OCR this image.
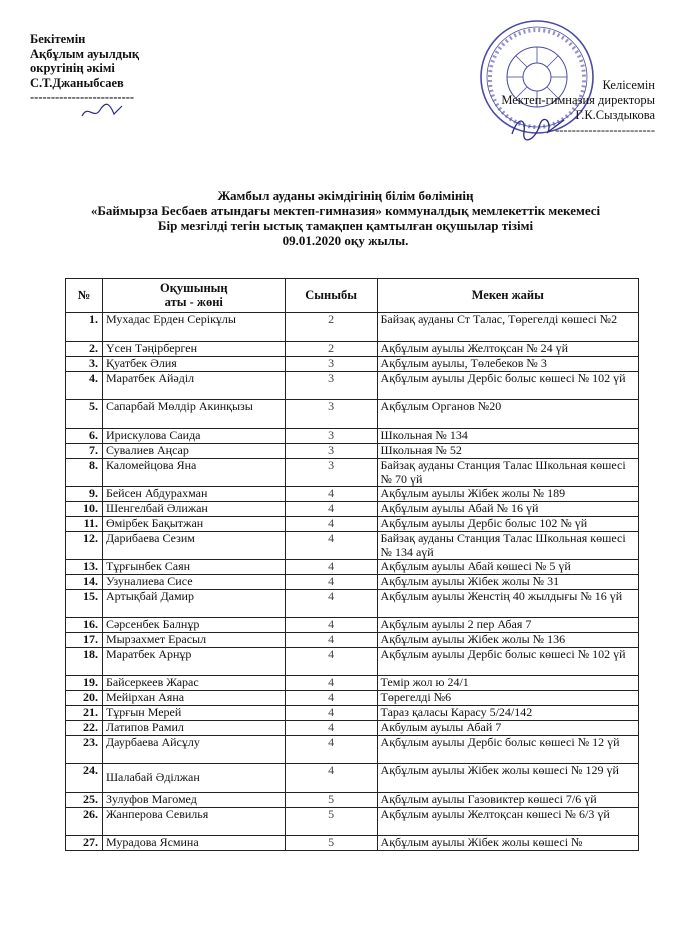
Бекітемін
Ақбұлым ауылдық
округінің әкімі
С.Т.Джаныбсаев
-------------------------
Келісемін
Мектеп-гимназия директоры
Г.К.Сыздыкова
------------------------
Жамбыл ауданы әкімдігінің білім бөлімінің
«Баймырза Бесбаев атындағы мектеп-гимназия» коммуналдық мемлекеттік мекемесі
Бір мезгілді тегін ыстық тамақпен қамтылған оқушылар тізімі
09.01.2020 оқу жылы.
№	Оқушының
аты - жөні	Сыныбы	Мекен жайы
1.	Мухадас Ерден Серікұлы	2	Байзақ ауданы Ст Талас, Төрегелді көшесі №2
2.	Үсен Тәңірберген	2	Ақбұлым ауылы Желтоқсан № 24 үй
3.	Қуатбек Әлия	3	Ақбұлым ауылы, Төлебеков № 3
4.	Маратбек Айәділ	3	Ақбұлым ауылы Дербіс болыс көшесі № 102 үй
5.	Сапарбай Мөлдір Акинқызы	3	Ақбұлым Органов №20
6.	Ирискулова Саида	3	Школьная № 134
7.	Сувалиев Аңсар	3	Школьная № 52
8.	Каломейцова Яна	3	Байзақ ауданы Станция Талас Школьная көшесі № 70 үй
9.	Бейсен Абдурахман	4	Ақбұлым ауылы Жібек жолы № 189
10.	Шенгелбай Әлижан	4	Ақбұлым ауылы Абай № 16 үй
11.	Өмірбек Бақытжан	4	Ақбұлым ауылы Дербіс болыс 102 № үй
12.	Дарибаева Сезим	4	Байзақ ауданы Станция Талас Школьная көшесі № 134 аүй
13.	Тұрғынбек Саян	4	Ақбұлым ауылы Абай көшесі № 5 үй
14.	Узуналиева Сисе	4	Ақбұлым ауылы Жібек жолы № 31
15.	Артықбай Дамир	4	Ақбұлым ауылы Женстің 40 жылдығы № 16 үй
16.	Сәрсенбек Балнұр	4	Ақбұлым ауылы 2 пер Абая 7
17.	Мырзахмет Ерасыл	4	Ақбұлым ауылы Жібек жолы № 136
18.	Маратбек Арнұр	4	Ақбұлым ауылы Дербіс болыс көшесі № 102 үй
19.	Байсеркеев Жарас	4	Темір жол ю 24/1
20.	Мейірхан Аяна	4	Төрегелді №6
21.	Тұрғын Мерей	4	Тараз қаласы Карасу 5/24/142
22.	Латипов Рамил	4	Акбулым ауылы Абай 7
23.	Даурбаева Айсұлу	4	Ақбұлым ауылы Дербіс болыс көшесі № 12 үй
24.	Шалабай Әділжан	4	Ақбұлым ауылы Жібек жолы көшесі № 129 үй
25.	Зулуфов Магомед	5	Ақбұлым ауылы Газовиктер көшесі 7/6 үй
26.	Жанперова Севилья	5	Ақбұлым ауылы Желтоқсан көшесі № 6/3 үй
27.	Мурадова Ясмина	5	Ақбұлым ауылы Жібек жолы көшесі №
